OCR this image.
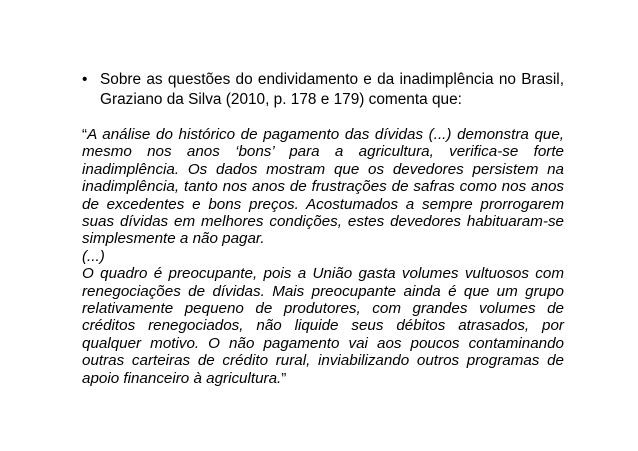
• Sobre as questões do endividamento e da inadimplência no Brasil, Graziano da Silva (2010, p. 178 e 179) comenta que:

“A análise do histórico de pagamento das dívidas (...) demonstra que, mesmo nos anos ‘bons’ para a agricultura, verifica-se forte inadimplência. Os dados mostram que os devedores persistem na inadimplência, tanto nos anos de frustrações de safras como nos anos de excedentes e bons preços. Acostumados a sempre prorrogarem suas dívidas em melhores condições, estes devedores habituaram-se simplesmente a não pagar.

(...)

O quadro é preocupante, pois a União gasta volumes vultuosos com renegociações de dívidas. Mais preocupante ainda é que um grupo relativamente pequeno de produtores, com grandes volumes de créditos renegociados, não liquide seus débitos atrasados, por qualquer motivo. O não pagamento vai aos poucos contaminando outras carteiras de crédito rural, inviabilizando outros programas de apoio financeiro à agricultura.”
